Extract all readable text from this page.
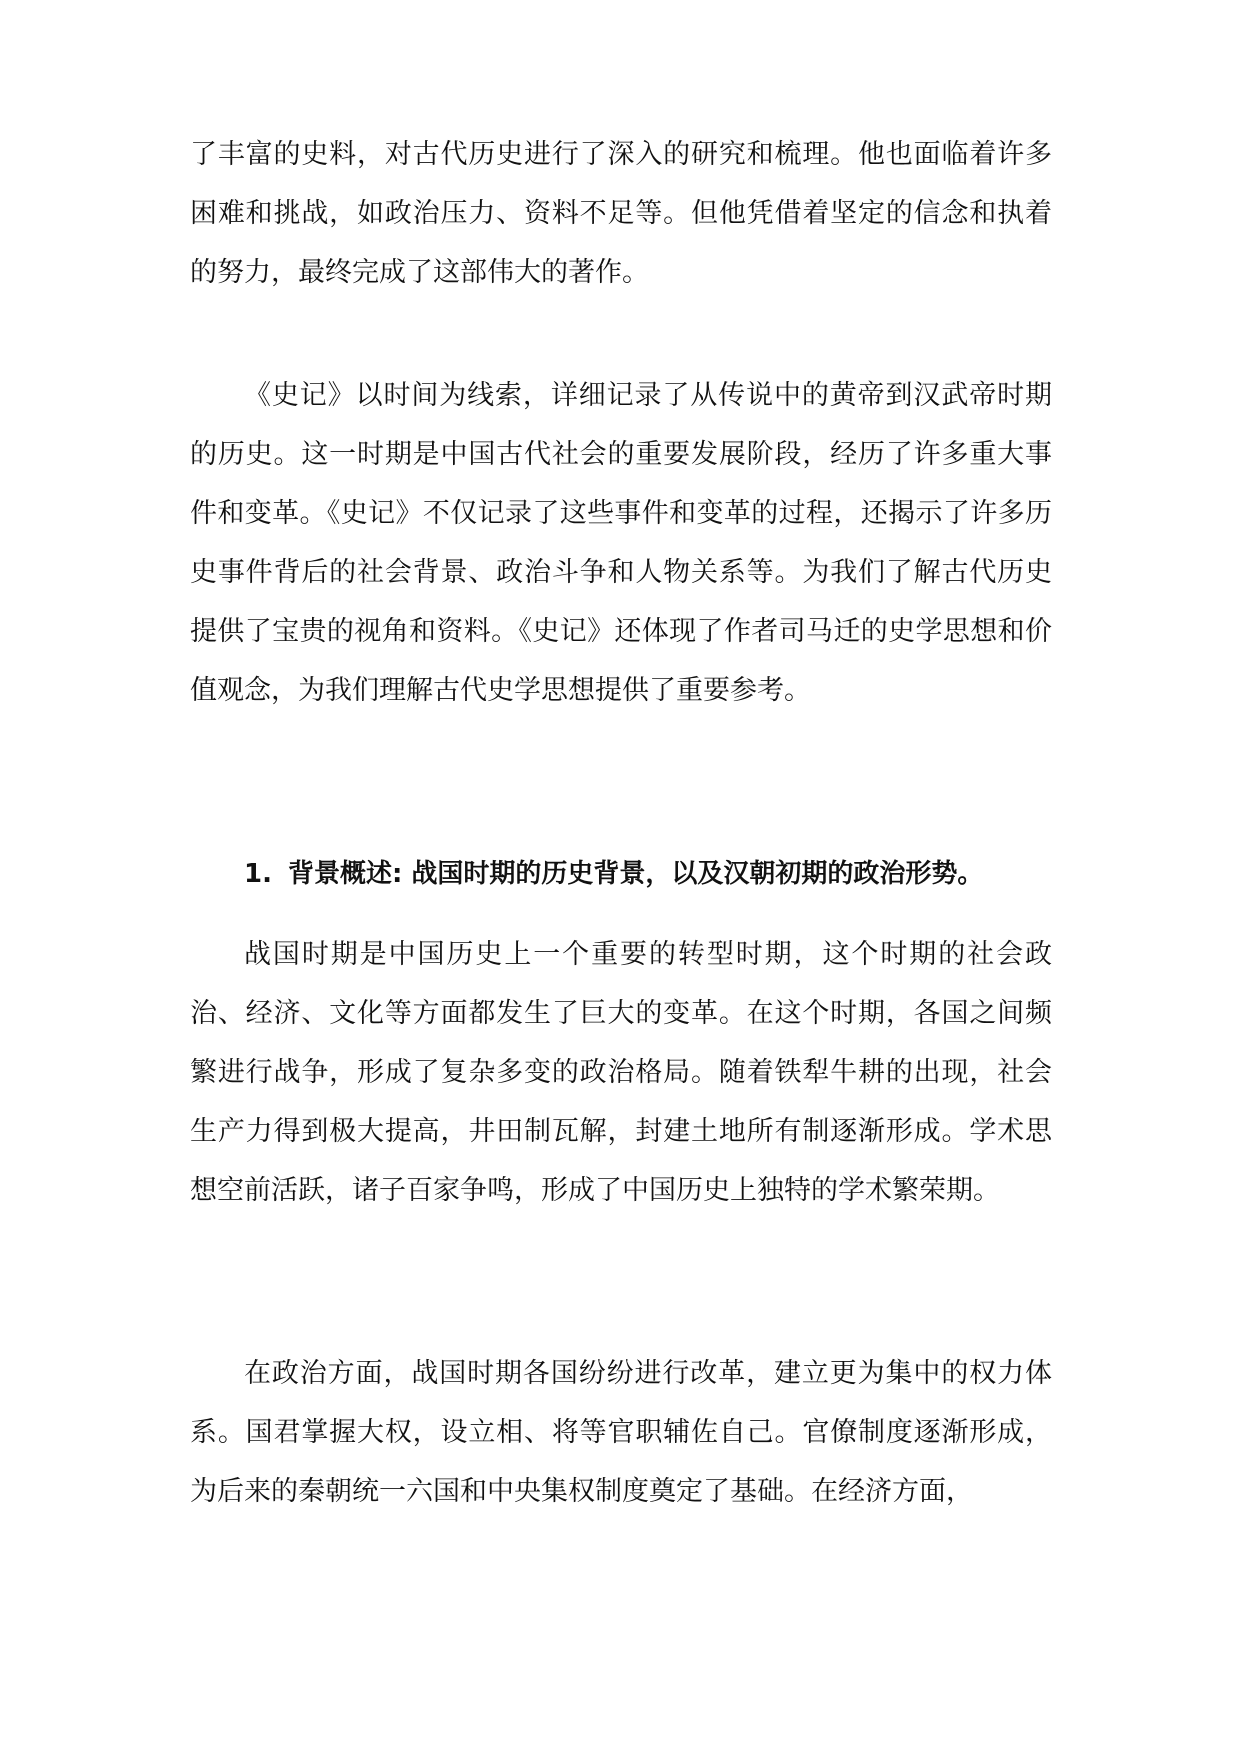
了丰富的史料，对古代历史进行了深入的研究和梳理。他也面临着许多困难和挑战，如政治压力、资料不足等。但他凭借着坚定的信念和执着的努力，最终完成了这部伟大的著作。

《史记》以时间为线索，详细记录了从传说中的黄帝到汉武帝时期的历史。这一时期是中国古代社会的重要发展阶段，经历了许多重大事件和变革。《史记》不仅记录了这些事件和变革的过程，还揭示了许多历史事件背后的社会背景、政治斗争和人物关系等。为我们了解古代历史提供了宝贵的视角和资料。《史记》还体现了作者司马迁的史学思想和价值观念，为我们理解古代史学思想提供了重要参考。

1. 背景概述: 战国时期的历史背景，以及汉朝初期的政治形势。

战国时期是中国历史上一个重要的转型时期，这个时期的社会政治、经济、文化等方面都发生了巨大的变革。在这个时期，各国之间频繁进行战争，形成了复杂多变的政治格局。随着铁犁牛耕的出现，社会生产力得到极大提高，井田制瓦解，封建土地所有制逐渐形成。学术思想空前活跃，诸子百家争鸣，形成了中国历史上独特的学术繁荣期。

在政治方面，战国时期各国纷纷进行改革，建立更为集中的权力体系。国君掌握大权，设立相、将等官职辅佐自己。官僚制度逐渐形成，为后来的秦朝统一六国和中央集权制度奠定了基础。在经济方面，
